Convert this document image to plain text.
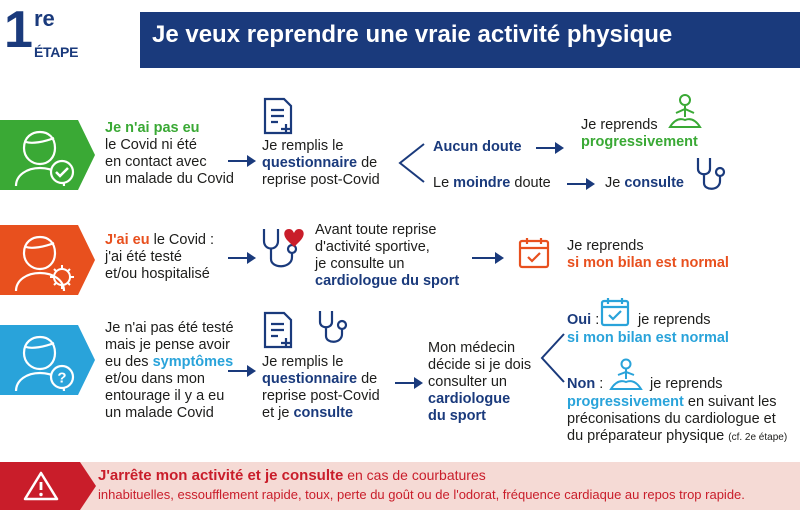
1 re
ÉTAPE
Je veux reprendre une vraie activité physique
?
Je n'ai pas eu
le Covid ni été
en contact avec
un malade du Covid
Je remplis le
questionnaire de
reprise post-Covid
Aucun doute
Le moindre doute
Je reprends
progressivement
Je consulte
J'ai eu le Covid :
j'ai été testé
et/ou hospitalisé
Avant toute reprise
d'activité sportive,
je consulte un
cardiologue du sport
Je reprends
si mon bilan est normal
Je n'ai pas été testé
mais je pense avoir
eu des symptômes
et/ou dans mon
entourage il y a eu
un malade Covid
Je remplis le
questionnaire de
reprise post-Covid
et je consulte
Mon médecin
décide si je dois
consulter un
cardiologue
du sport
Oui :	je reprends
si mon bilan est normal
Non :	je reprends
progressivement en suivant les
préconisations du cardiologue et
du préparateur physique (cf. 2e étape)
J'arrête mon activité et je consulte en cas de courbatures
inhabituelles, essoufflement rapide, toux, perte du goût ou de l'odorat, fréquence cardiaque au repos trop rapide.
